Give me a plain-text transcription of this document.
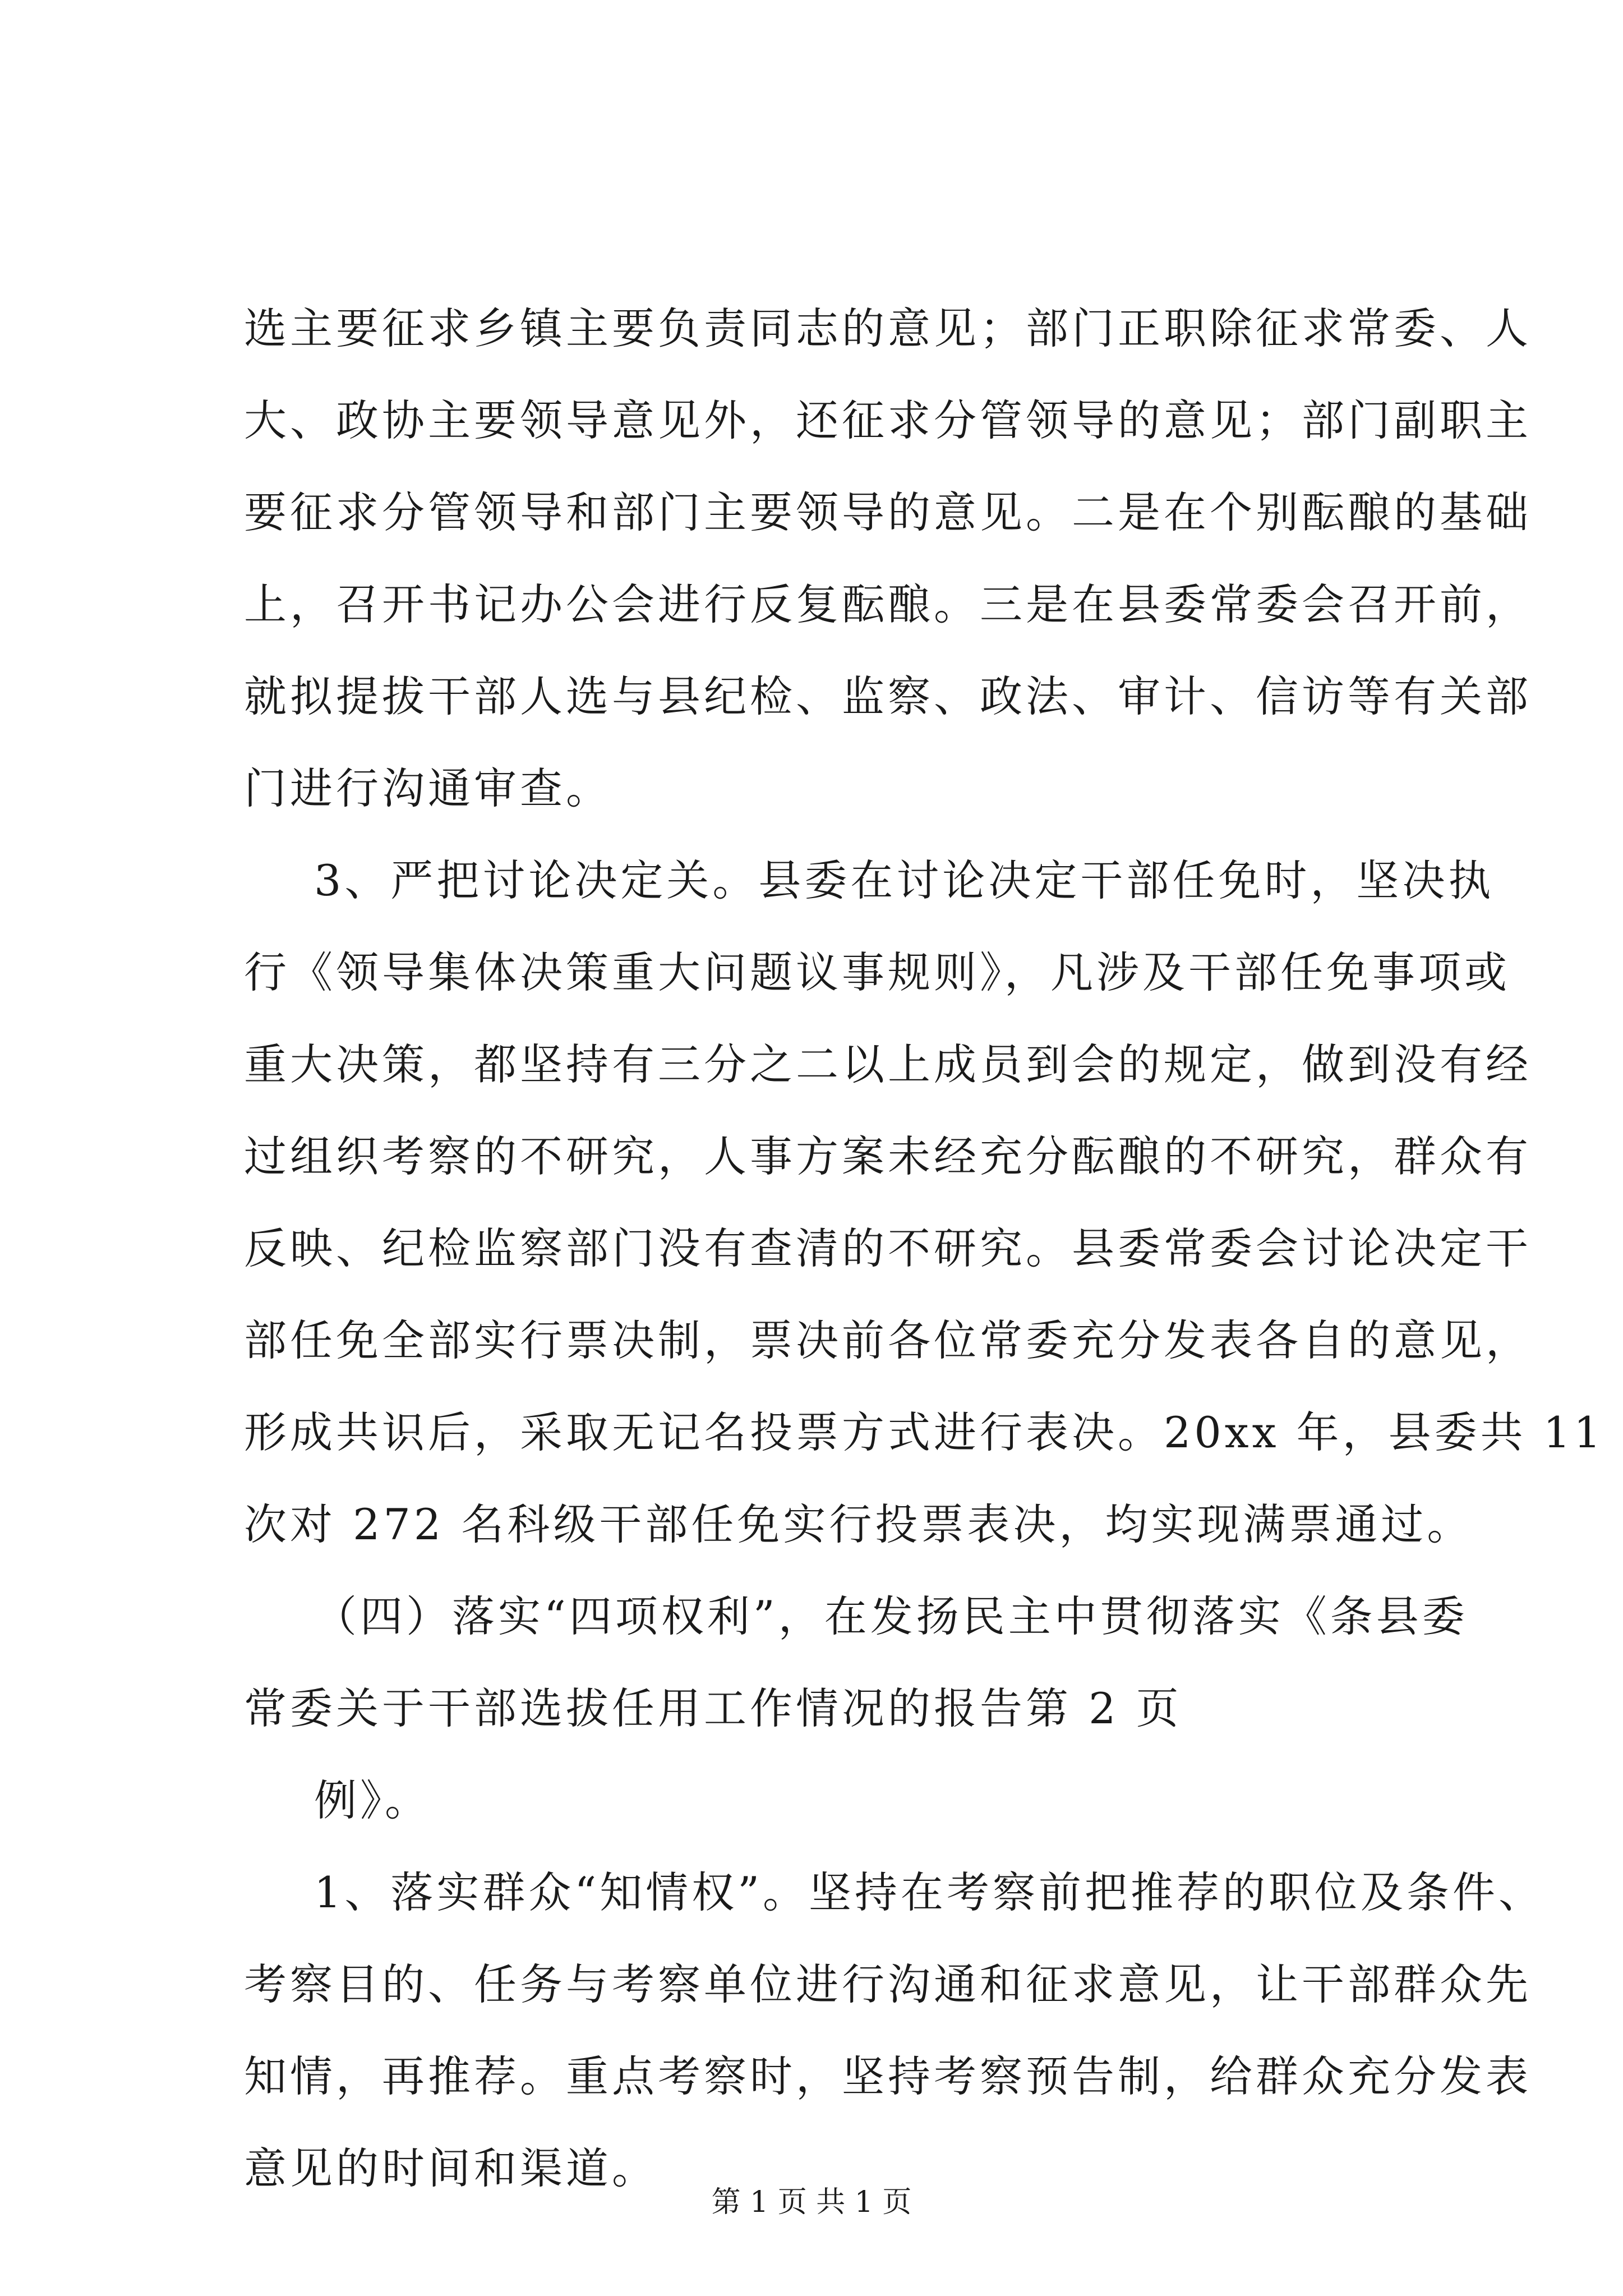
选主要征求乡镇主要负责同志的意见；部门正职除征求常委、人
大、政协主要领导意见外，还征求分管领导的意见；部门副职主
要征求分管领导和部门主要领导的意见。二是在个别酝酿的基础
上，召开书记办公会进行反复酝酿。三是在县委常委会召开前，
就拟提拔干部人选与县纪检、监察、政法、审计、信访等有关部
门进行沟通审查。
3、严把讨论决定关。县委在讨论决定干部任免时，坚决执
行《领导集体决策重大问题议事规则》，凡涉及干部任免事项或
重大决策，都坚持有三分之二以上成员到会的规定，做到没有经
过组织考察的不研究，人事方案未经充分酝酿的不研究，群众有
反映、纪检监察部门没有查清的不研究。县委常委会讨论决定干
部任免全部实行票决制，票决前各位常委充分发表各自的意见，
形成共识后，采取无记名投票方式进行表决。20xx 年，县委共 11
次对 272 名科级干部任免实行投票表决，均实现满票通过。
（四）落实“四项权利”，在发扬民主中贯彻落实《条县委
常委关于干部选拔任用工作情况的报告第 2 页
例》。
1、落实群众“知情权”。坚持在考察前把推荐的职位及条件、
考察目的、任务与考察单位进行沟通和征求意见，让干部群众先
知情，再推荐。重点考察时，坚持考察预告制，给群众充分发表
意见的时间和渠道。
第 1 页 共 1 页
